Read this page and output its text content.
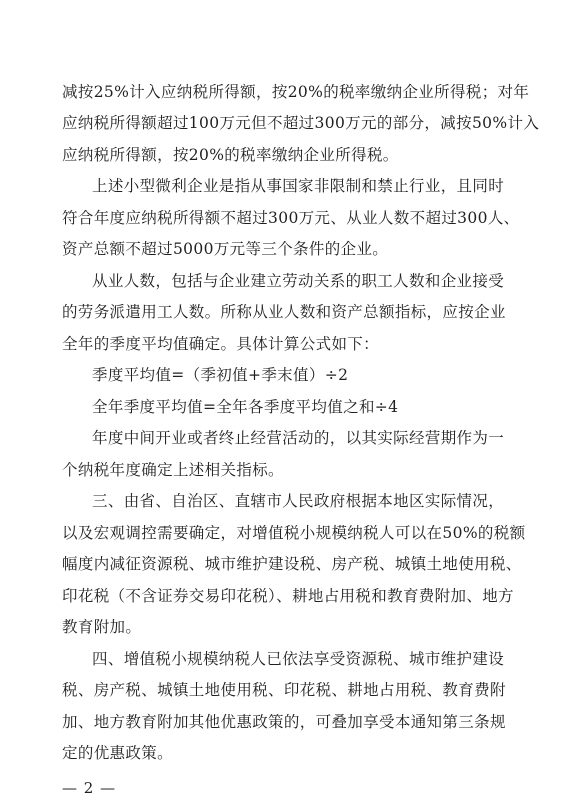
减按25%计入应纳税所得额，按20%的税率缴纳企业所得税；对年
应纳税所得额超过100万元但不超过300万元的部分，减按50%计入
应纳税所得额，按20%的税率缴纳企业所得税。
上述小型微利企业是指从事国家非限制和禁止行业，且同时
符合年度应纳税所得额不超过300万元、从业人数不超过300人、
资产总额不超过5000万元等三个条件的企业。
从业人数，包括与企业建立劳动关系的职工人数和企业接受
的劳务派遣用工人数。所称从业人数和资产总额指标，应按企业
全年的季度平均值确定。具体计算公式如下：
季度平均值=（季初值+季末值）÷2
全年季度平均值=全年各季度平均值之和÷4
年度中间开业或者终止经营活动的，以其实际经营期作为一
个纳税年度确定上述相关指标。
三、由省、自治区、直辖市人民政府根据本地区实际情况，
以及宏观调控需要确定，对增值税小规模纳税人可以在50%的税额
幅度内减征资源税、城市维护建设税、房产税、城镇土地使用税、
印花税（不含证券交易印花税）、耕地占用税和教育费附加、地方
教育附加。
四、增值税小规模纳税人已依法享受资源税、城市维护建设
税、房产税、城镇土地使用税、印花税、耕地占用税、教育费附
加、地方教育附加其他优惠政策的，可叠加享受本通知第三条规
定的优惠政策。
— 2 —
